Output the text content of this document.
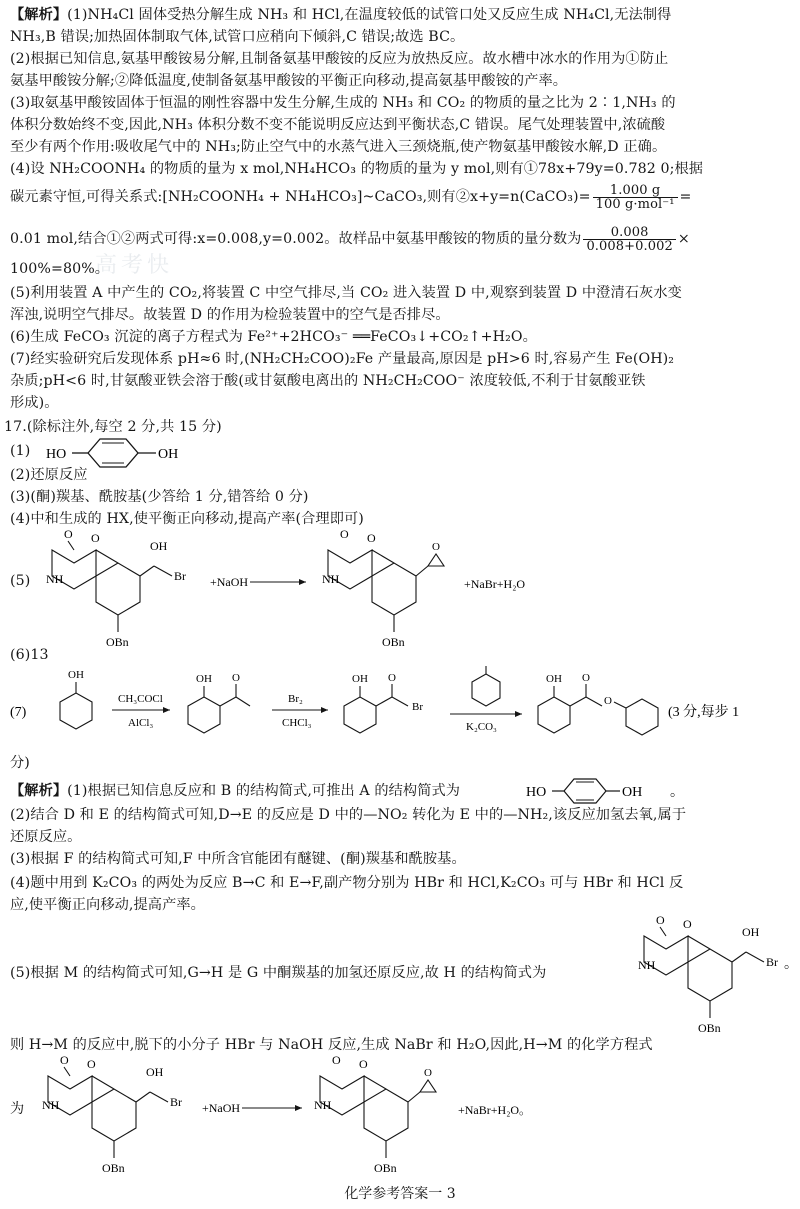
高考快
【解析】(1)NH₄Cl 固体受热分解生成 NH₃ 和 HCl,在温度较低的试管口处又反应生成 NH₄Cl,无法制得
NH₃,B 错误;加热固体制取气体,试管口应稍向下倾斜,C 错误;故选 BC。
(2)根据已知信息,氨基甲酸铵易分解,且制备氨基甲酸铵的反应为放热反应。故水槽中冰水的作用为①防止
氨基甲酸铵分解;②降低温度,使制备氨基甲酸铵的平衡正向移动,提高氨基甲酸铵的产率。
(3)取氨基甲酸铵固体于恒温的刚性容器中发生分解,生成的 NH₃ 和 CO₂ 的物质的量之比为 2∶1,NH₃ 的
体积分数始终不变,因此,NH₃ 体积分数不变不能说明反应达到平衡状态,C 错误。尾气处理装置中,浓硫酸
至少有两个作用:吸收尾气中的 NH₃;防止空气中的水蒸气进入三颈烧瓶,使产物氨基甲酸铵水解,D 正确。
(4)设 NH₂COONH₄ 的物质的量为 x mol,NH₄HCO₃ 的物质的量为 y mol,则有①78x+79y=0.782 0;根据
碳元素守恒,可得关系式:[NH₂COONH₄ + NH₄HCO₃]~CaCO₃,则有②x+y=n(CaCO₃)= $\frac{1.000 g}{\text{100 g·mol⁻¹}}$ =
0.01 mol,结合①②两式可得:x=0.008,y=0.002。故样品中氨基甲酸铵的物质的量分数为 $\frac{0.008}{0.008+0.002}$ ×
100%=80%。
(5)利用装置 A 中产生的 CO₂,将装置 C 中空气排尽,当 CO₂ 进入装置 D 中,观察到装置 D 中澄清石灰水变
浑浊,说明空气排尽。故装置 D 的作用为检验装置中的空气是否排尽。
(6)生成 FeCO₃ 沉淀的离子方程式为 Fe²⁺+2HCO₃⁻ ══FeCO₃↓+CO₂↑+H₂O。
(7)经实验研究后发现体系 pH≈6 时,(NH₂CH₂COO)₂Fe 产量最高,原因是 pH>6 时,容易产生 Fe(OH)₂
杂质;pH<6 时,甘氨酸亚铁会溶于酸(或甘氨酸电离出的 NH₂CH₂COO⁻ 浓度较低,不利于甘氨酸亚铁
形成)。
17.(除标注外,每空 2 分,共 15 分)
(1)	HO	OH
(2)还原反应
(3)(酮)羰基、酰胺基(少答给 1 分,错答给 0 分)
(4)中和生成的 HX,使平衡正向移动,提高产率(合理即可)
(5)
O O
NH
OH
Br
OBn
+NaOH
O O
NH
O
OBn
+NaBr+H₂O
(6)13
(7)
OH
CH₃COCl
AlCl₃
OH O
Br₂
CHCl₃
OH O
Br
K₂CO₃
OH O
O
(3 分,每步 1
分)
【解析】(1)根据已知信息反应和 B 的结构简式,可推出 A 的结构简式为	HO	OH 。
(2)结合 D 和 E 的结构简式可知,D→E 的反应是 D 中的—NO₂ 转化为 E 中的—NH₂,该反应加氢去氧,属于
还原反应。
(3)根据 F 的结构简式可知,F 中所含官能团有醚键、(酮)羰基和酰胺基。
(4)题中用到 K₂CO₃ 的两处为反应 B→C 和 E→F,副产物分别为 HBr 和 HCl,K₂CO₃ 可与 HBr 和 HCl 反
应,使平衡正向移动,提高产率。
(5)根据 M 的结构简式可知,G→H 是 G 中酮羰基的加氢还原反应,故 H 的结构简式为
O O
NH
OH
Br
OBn
。
则 H→M 的反应中,脱下的小分子 HBr 与 NaOH 反应,生成 NaBr 和 H₂O,因此,H→M 的化学方程式
为
O O
NH
OH
Br
OBn
+NaOH
O O
NH
O
OBn
+NaBr+H₂O。
化学参考答案一 3
